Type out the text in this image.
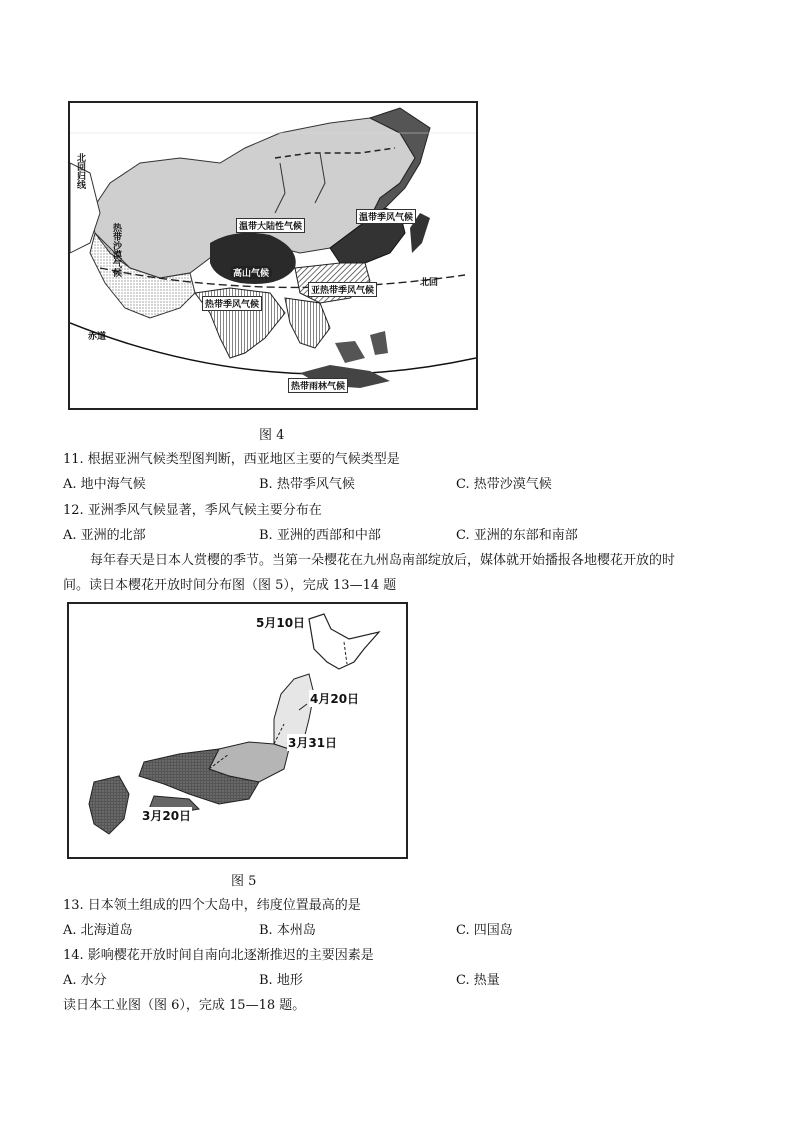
温带大陆性气候
温带季风气候
高山气候
亚热带季风气候
热带季风气候
热带沙漠气候
热带雨林气候
北回归线
北回
赤道
图 4
11. 根据亚洲气候类型图判断，西亚地区主要的气候类型是
A. 地中海气候	B. 热带季风气候	C. 热带沙漠气候
12. 亚洲季风气候显著，季风气候主要分布在
A. 亚洲的北部	B. 亚洲的西部和中部	C. 亚洲的东部和南部
每年春天是日本人赏樱的季节。当第一朵樱花在九州岛南部绽放后，媒体就开始播报各地樱花开放的时
间。读日本樱花开放时间分布图（图 5），完成 13—14 题
5月10日
4月20日
3月31日
3月20日
图 5
13. 日本领土组成的四个大岛中，纬度位置最高的是
A. 北海道岛	B. 本州岛	C. 四国岛
14. 影响樱花开放时间自南向北逐渐推迟的主要因素是
A. 水分	B. 地形	C. 热量
读日本工业图（图 6），完成 15—18 题。
